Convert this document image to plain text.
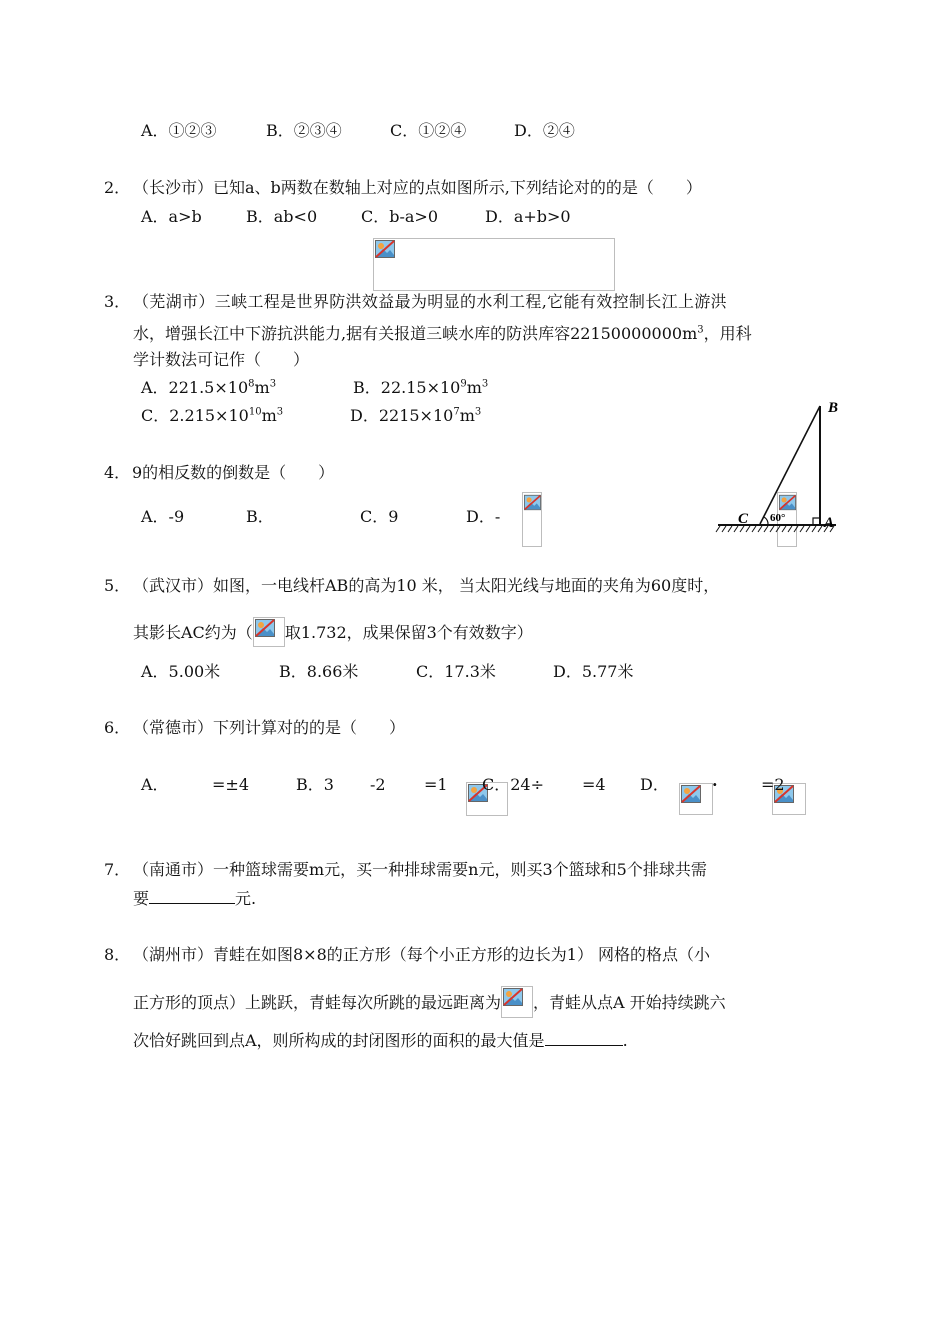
A．①②③	B．②③④	C．①②④	D．②④
2． （长沙市）已知a、b两数在数轴上对应的点如图所示,下列结论对的的是（　　）
A．a>b	B．ab<0	C．b-a>0	D．a+b>0

3． （芜湖市）三峡工程是世界防洪效益最为明显的水利工程,它能有效控制长江上游洪
水，增强长江中下游抗洪能力,据有关报道三峡水库的防洪库容$22150000000m^3$，用科
学计数法可记作（　　）
A．$221.5\times 10^8m^3$	B．$22.15\times 10^9m^3$
C．$2.215\times 10^{10}m^3$	D．$2215\times 10^7m^3$
4． 9的相反数的倒数是（　　）
A．-9	B．
	C．9	D．-

B
C	A
60°
5． （武汉市）如图，一电线杆AB的高为10 米， 当太阳光线与地面的夹角为60度时，
其影长AC约为（ 取1.732，成果保留3个有效数字）
A．5.00米	B．8.66米	C．17.3米	D．5.77米
6． （常德市）下列计算对的的是（　　）
A．
	=±4	B．3
-2
=1 C．24÷
=4 D．
	·	=2
7． （南通市）一种篮球需要m元，买一种排球需要n元，则买3个篮球和5个排球共需
要	元.
8． （湖州市）青蛙在如图8×8的正方形（每个小正方形的边长为1） 网格的格点（小
正方形的顶点）上跳跃，青蛙每次所跳的最远距离为 ，青蛙从点A 开始持续跳六
次恰好跳回到点A，则所构成的封闭图形的面积的最大值是	.
